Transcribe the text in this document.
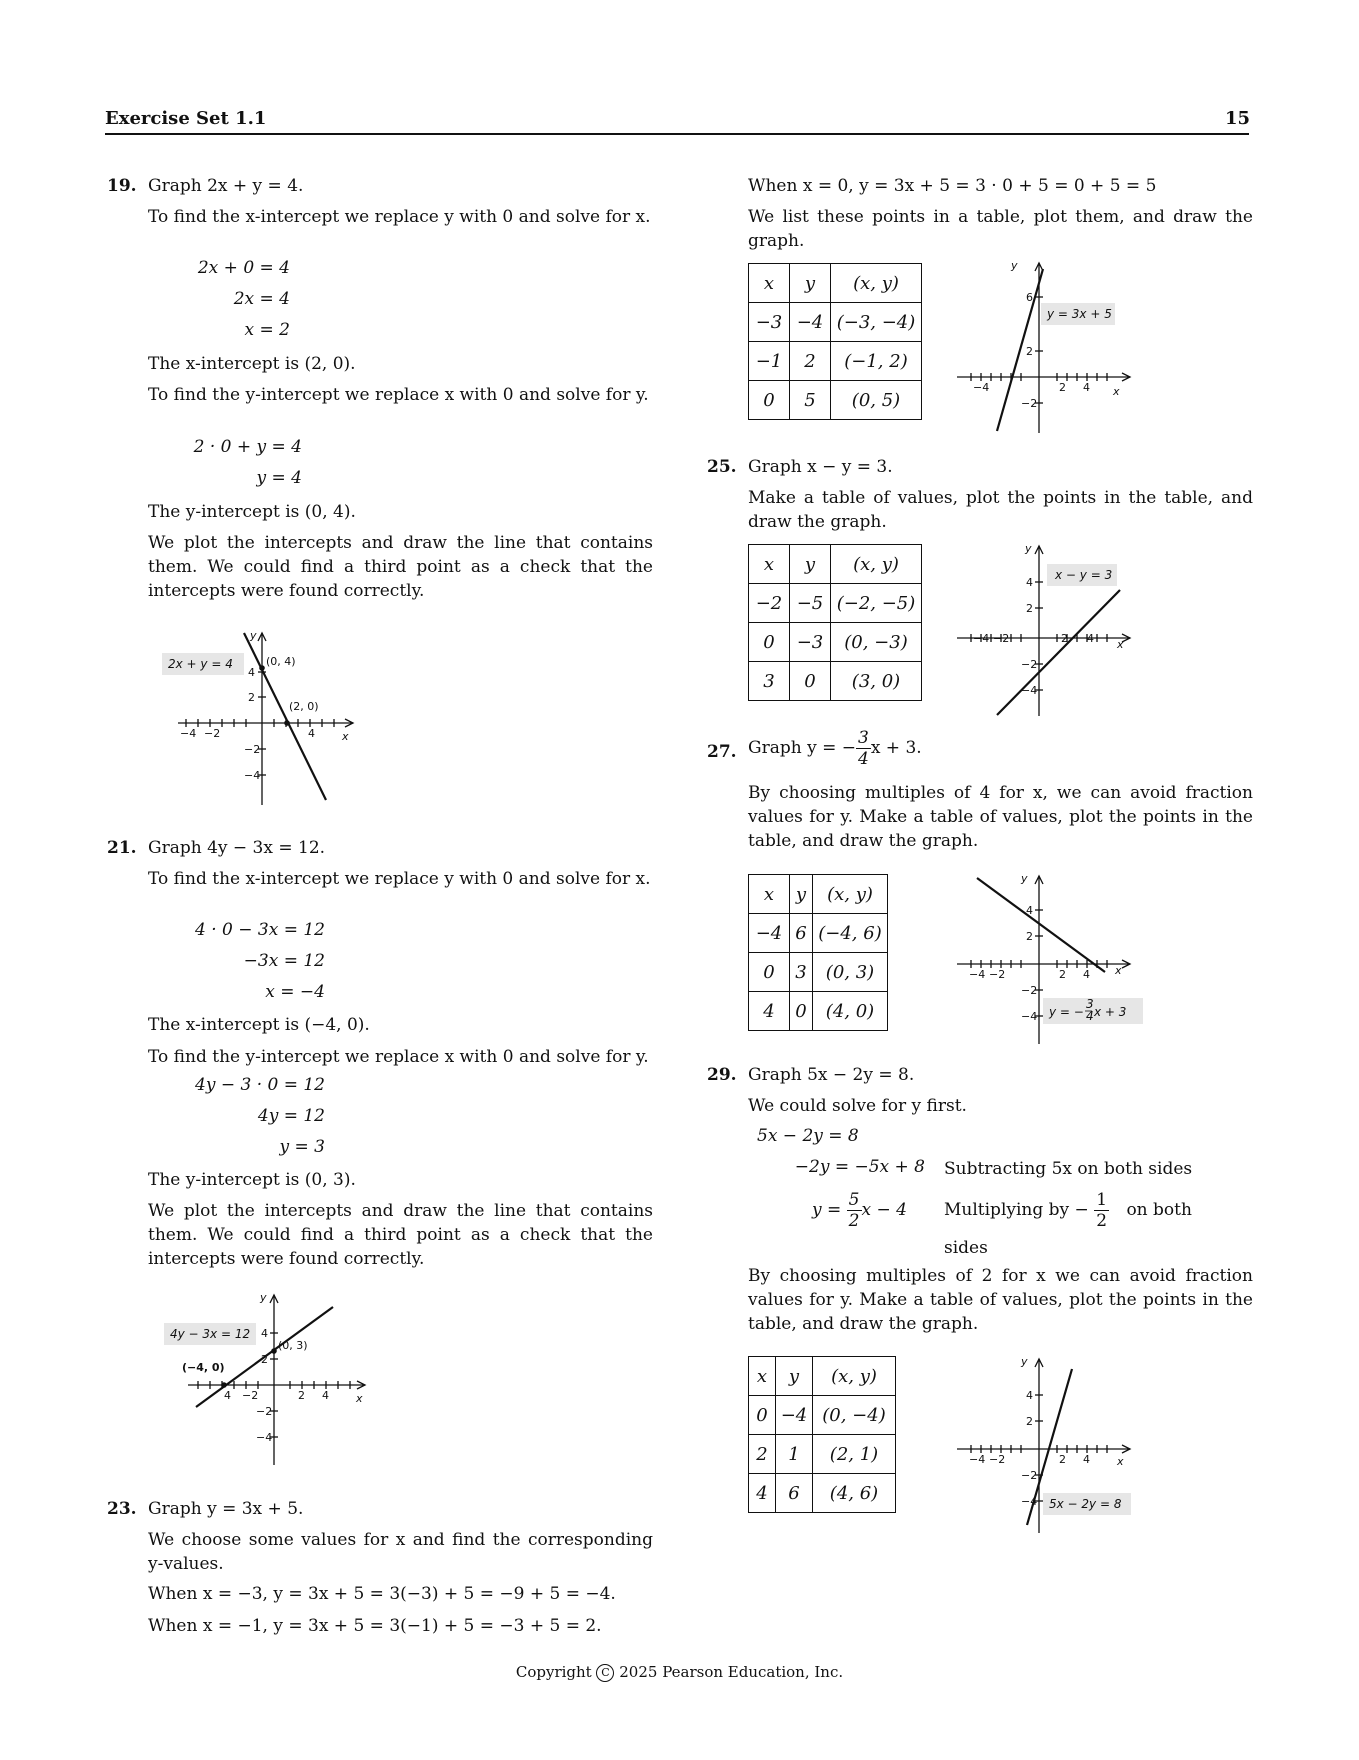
Exercise Set 1.1	15
19. Graph 2x + y = 4.
To find the x-intercept we replace y with 0 and solve for x.
2x + 0 = 4
2x = 4
x = 2
The x-intercept is (2, 0).
To find the y-intercept we replace x with 0 and solve for y.
2 · 0 + y = 4
y = 4
The y-intercept is (0, 4).
We plot the intercepts and draw the line that contains them. We could find a third point as a check that the intercepts were found correctly.
−4 −2	4 x
4
2
−2
−4
y
(0, 4)
(2, 0)
2x + y = 4
21. Graph 4y − 3x = 12.
To find the x-intercept we replace y with 0 and solve for x.
4 · 0 − 3x = 12
−3x = 12
x = −4
The x-intercept is (−4, 0).
To find the y-intercept we replace x with 0 and solve for y.
4y − 3 · 0 = 12
4y = 12
y = 3
The y-intercept is (0, 3).
We plot the intercepts and draw the line that contains them. We could find a third point as a check that the intercepts were found correctly.
4 −2	2 4 x
4
2
−2
−4
y
(0, 3)
(−4, 0)
4y − 3x = 12
23. Graph y = 3x + 5.
We choose some values for x and find the corresponding y-values.
When x = −3, y = 3x + 5 = 3(−3) + 5 = −9 + 5 = −4.
When x = −1, y = 3x + 5 = 3(−1) + 5 = −3 + 5 = 2.
When x = 0, y = 3x + 5 = 3 · 0 + 5 = 0 + 5 = 5
We list these points in a table, plot them, and draw the graph.
x	y	(x, y)
−3	−4	(−3, −4)
−1	2	(−1, 2)
0	5	(0, 5)
−4	2 4 x
6
2
−2
y
y = 3x + 5
25. Graph x − y = 3.
Make a table of values, plot the points in the table, and draw the graph.
x	y	(x, y)
−2	−5	(−2, −5)
0	−3	(0, −3)
3	0	(3, 0)
−4 −2	2 4 x
4
2
−2
−4
y
x − y = 3
27. Graph y = − $\frac{3}{4}$ x + 3.
By choosing multiples of 4 for x, we can avoid fraction values for y. Make a table of values, plot the points in the table, and draw the graph.
x	y	(x, y)
−4	6	(−4, 6)
0	3	(0, 3)
4	0	(4, 0)
−4 −2	2 4 x
4
2
−2
−4
y
y = −
3
4 x + 3
29. Graph 5x − 2y = 8.
We could solve for y first.
5x − 2y = 8
−2y = −5x + 8 Subtracting 5x on both sides
$y = \frac{5}{2}$ x − 4 Multiplying by − $\frac{1}{2}$ on both
sides
By choosing multiples of 2 for x we can avoid fraction values for y. Make a table of values, plot the points in the table, and draw the graph.
x	y	(x, y)
0	−4	(0, −4)
2	1	(2, 1)
4	6	(4, 6)
−4 −2	2 4 x
4
2
−2
−4
y
5x − 2y = 8
Copyright C 2025 Pearson Education, Inc.
